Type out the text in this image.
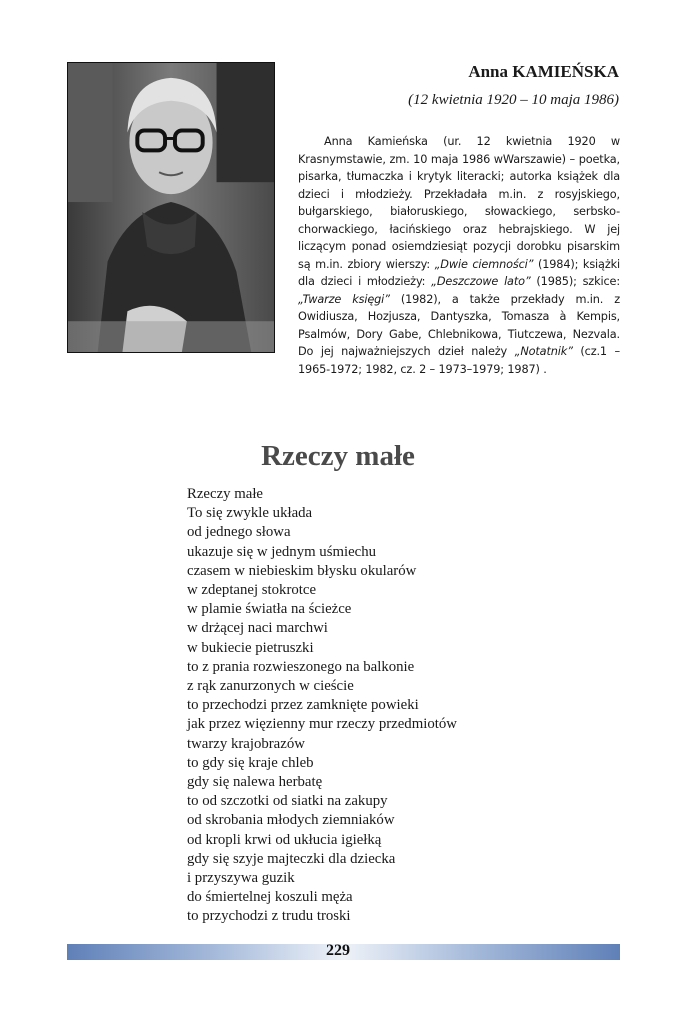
Anna KAMIEŃSKA
(12 kwietnia 1920 – 10 maja 1986)

Anna Kamieńska (ur. 12 kwietnia 1920 w Krasnymstawie, zm. 10 maja 1986 wWarszawie) – poetka, pisarka, tłumaczka i krytyk literacki; autorka książek dla dzieci i młodzieży. Przekładała m.in. z rosyjskiego, bułgarskiego, białoruskiego, słowackiego, serbsko-chorwackiego, łacińskiego oraz hebrajskiego. W jej liczącym ponad osiemdziesiąt pozycji dorobku pisarskim są m.in. zbiory wierszy: „Dwie ciemności” (1984); książki dla dzieci i młodzieży: „Deszczowe lato” (1985); szkice: „Twarze księgi” (1982), a także przekłady m.in. z Owidiusza, Hozjusza, Dantyszka, Tomasza à Kempis, Psalmów, Dory Gabe, Chlebnikowa, Tiutczewa, Nezvala. Do jej najważniejszych dzieł należy „Notatnik” (cz.1 – 1965-1972; 1982, cz. 2 – 1973–1979; 1987) .

Rzeczy małe
Rzeczy małe
To się zwykle układa
od jednego słowa
ukazuje się w jednym uśmiechu
czasem w niebieskim błysku okularów
w zdeptanej stokrotce
w plamie światła na ścieżce
w drżącej naci marchwi
w bukiecie pietruszki
to z prania rozwieszonego na balkonie
z rąk zanurzonych w cieście
to przechodzi przez zamknięte powieki
jak przez więzienny mur rzeczy przedmiotów
twarzy krajobrazów
to gdy się kraje chleb
gdy się nalewa herbatę
to od szczotki od siatki na zakupy
od skrobania młodych ziemniaków
od kropli krwi od ukłucia igiełką
gdy się szyje majteczki dla dziecka
i przyszywa guzik
do śmiertelnej koszuli męża
to przychodzi z trudu troski
229
